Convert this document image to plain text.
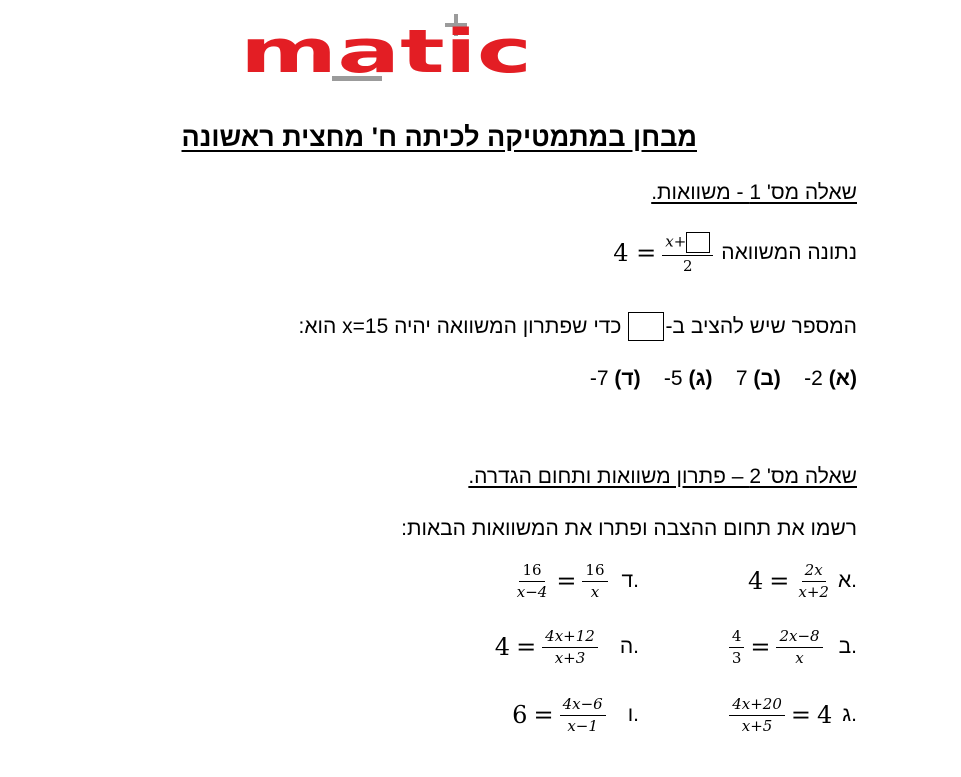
matic
מבחן במתמטיקה לכיתה ח' מחצית ראשונה
שאלה מס' 1 - משוואות.
נתונה המשוואה
$4 = \frac{x+}{2}$
המספר שיש להציב ב-
כדי שפתרון המשוואה יהיה x=15 הוא:
(א) 2-    (ב) 7    (ג) 5-    (ד) 7-
שאלה מס' 2 – פתרון משוואות ותחום הגדרה.
רשמו את תחום ההצבה ופתרו את המשוואות הבאות:
$4 = \frac{2x}{x+2}$ א.
$\frac{4}{3} = \frac{2x-8}{x}$ ב.
$\frac{4x+20}{x+5} = 4$ ג.
$\frac{16}{x-4} = \frac{16}{x}$ ד.
$4 = \frac{4x+12}{x+3}$ ה.
$6 = \frac{4x-6}{x-1}$ ו.
